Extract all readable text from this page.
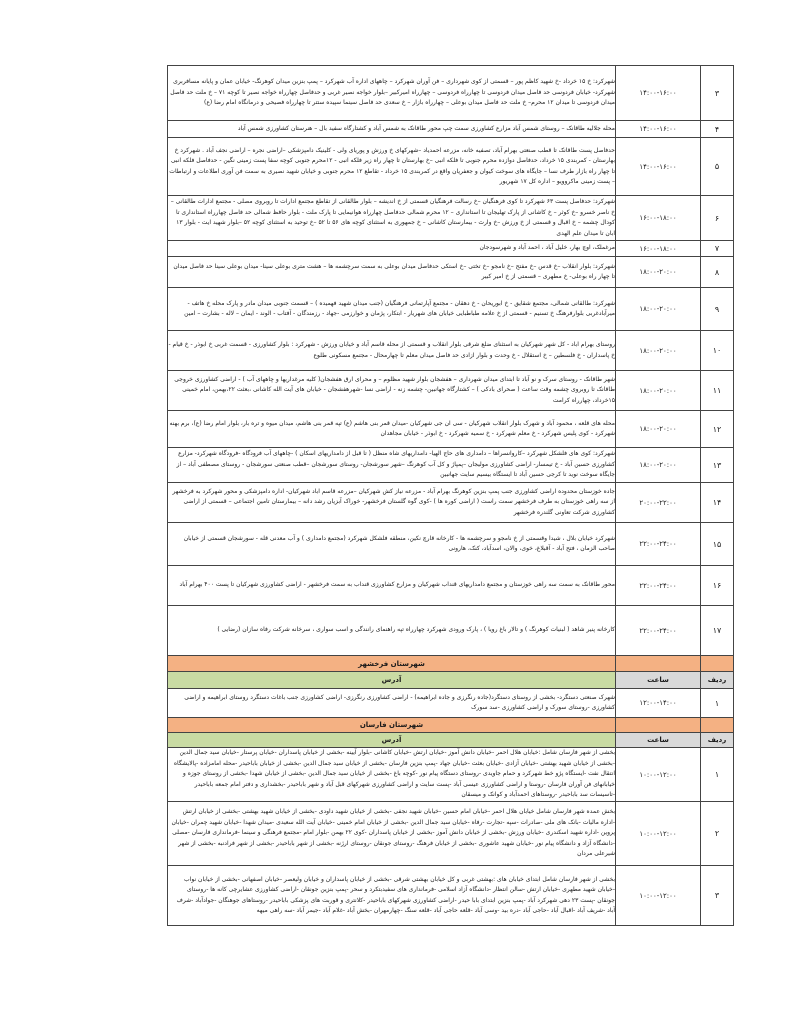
شهرکرد: خ ۱۵ خرداد -خ شهید کاظم پور – قسمتی از کوی شهرداری – فن آوران شهرکرد – چاههای اداره آب شهرکرد – پمپ بنزین میدان کوهرنگ- خیابان عمان و پایانه مسافربری شهرکرد- خیابان فردوسی حد فاصل میدان فردوسی تا چهارراه فردوسی – چهارراه امیرکبیر –بلوار خواجه نصیر غربی و حدفاصل چهارراه خواجه نصیر تا کوچه ۷۱ – خ ملت حد فاصل میدان فردوسی تا میدان ۱۲ محرم– خ ملت حد فاصل میدان بوعلی – چهارراه بازار – خ سعدی حد فاصل سینما سپیده ستتر تا چهارراه فصیحی و درمانگاه امام رضا (ع)	۱۴:۰۰-۱۶:۰۰	۳
محله جلالیه طاقانک – روستای شمس آباد مزارع کشاورزی سمت چپ محور طاقانک به شمس آباد و کشتارگاه سفید بال – هنرستان کشاورزی شمس آباد	۱۴:۰۰-۱۶:۰۰	۴
حدفاصل پست طاقانک تا قطب صنعتی بهرام آباد، تصفیه خانه، مزرعه احمدیاد –شهرکهای خ ورزش و پوریای ولی - کلینیک دامپزشکی –اراضی نجره – اراضی نجف آباد . شهرکرد خ بهارستان - کمربندی ۱۵ خرداد، حدفاصل دوازده محرم جنوبی تا فلکه انبی –خ بهارستان تا چهار راه زیر فلکه انبی - ۱۲محرم جنوبی کوچه سفا پست زمینی نگین - حدفاصل فلکه انبی تا چهار راه بازار طرف نسا – جایگاه های سوخت کیوان و جعفریان واقع در کمربندی ۱۵ خرداد - تقاطع ۱۲ محرم جنوبی و خیابان شهید نصیری به سمت فن آوری اطلاعات و ارتباطات – پست زمینی ماکروویو – اداره کل ۱۷ شهریور	۱۴:۰۰-۱۶:۰۰	۵
شهرکرد: حدفاصل پست ۶۳ شهرکرد تا کوی فرهنگیان –خ رسالت فرهنگیان قسمتی از خ اندیشه – بلوار طالقانی از تقاطع مجتمع ادارات تا روبروی مصلی - مجتمع ادارات طالقانی – خ ناصر خسرو –خ کوثر – خ کاشانی از پارک تهلیجان تا استانداری – ۱۲ محرم شمالی حدفاصل چهارراه هوانیمایی تا پارک ملت - بلوار حافظ شمالی حد فاصل چهارراه استانداری تا کودال چشمه – خ اقبال و قسمتی از خ ورزش –خ وارث - بیمارستان کاشانی – خ جمهوری به استثنای کوچه های ۵۶ تا ۵۲ –خ توحید به استثنای کوچه ۵۲ –بلوار شهید ایت - بلوار ۱۳ ابان تا میدان علم الهدی	۱۶:۰۰-۱۸:۰۰	۶
مرغملک، اوچ بهار، خلیل آباد ، احمد آباد و شهرسودجان	۱۶:۰۰-۱۸:۰۰	۷
شهرکرد: بلوار انقلاب –خ قدس –خ مفتح –خ نامجو –خ تختی –خ استکی حدفاصل میدان بوعلی به سمت سرچشمه ها – هشت متری بوعلی سینا- میدان بوعلی سینا حد فاصل میدان تا چهار راه بوعلی- خ مطهری – قسمتی از خ امیر کبیر	۱۸:۰۰-۲۰:۰۰	۸
شهرکرد: طالقانی شمالی، مجتمع شقایق - خ ابوریحان - خ دهقان - مجتمع آپارتمانی فرهنگیان (جنب میدان شهید فهمیده ) – قسمت جنوبی میدان مادر و پارک محله خ هاتف - میرآبادغربی بلوارفرهنگ خ تسنیم - قسمتی از خ علامه طباطبایی خیابان های شهریار - ابتکار، پژمان و خوارزمی -جهاد - رزمندگان - آفتاب - الوند - ایمان – لاله - بشارت – امین	۱۸:۰۰-۲۰:۰۰	۹
روستای بهرام اباد - کل شهر شهرکیان به استثنای ضلع شرقی بلوار انقلاب و قسمتی از محله قاسم آباد و خیابان ورزش - شهرکرد : بلوار کشاورزی - قسمت غربی خ ابوذر - خ قیام - خ پاسداران - خ فلسطین – خ استقلال - خ وحدت و بلوار ازادی حد فاصل میدان معلم تا چهارمحال - مجتمع مسکونی طلوع	۱۸:۰۰-۲۰:۰۰	۱۰
شهر طاقانک - روستای سرک و نو آباد تا ابتدای میدان شهرداری – هفشجان بلوار شهید مظلوم – و محرای ارق هفشجان( کلیه مرغداریها و چاههای آب ) - اراضی کشاورزی خروجی طاقانک تا روبروی چشمه وقت ساعت ( صحرای بادکی ) – کشتارگاه جهانبین- چشمه زنه - اراضی نسا -شهرهفشجان - خیابان های آیت الله کاشانی ،بعثت ۲۲،بهمن، امام خمینی ۱۵خرداد، چهارراه کرامت	۱۸:۰۰-۲۰:۰۰	۱۱
محله های قلعه ، محمود آباد و شهرک بلوار انقلاب شهرکیان - سی ان جی شهرکیان -میدان قمر بنی هاشم (ع) تپه قمر بنی هاشم، میدان میوه و تره بار، بلوار امام رضا (ع)، برم بهنه شهرکرد - کوی پلیس شهرکرد - خ معلم شهرکرد - خ سمیه شهرکرد - خ ابوذر - خیابان مجاهدان	۱۸:۰۰-۲۰:۰۰	۱۲
شهرکرد: کوی های فلشکل شهرکرد –کاروانسراها – دامداری های حاج الهیا- دامداریهای شاه منظل ( تا قبل از دامداریهای اسکان ) -چاههای آب فرودگاه -فرودگاه شهرکرد- مزارع کشاورزی حسین آباد - خ تیمسار- اراضی کشاورزی مولیجان –پمپاژ و کل آب کوهرنگ –شهر سورشجان- روستای سورشجان –قطب صنعتی سورشجان - روستای مصطفی آباد – از جایگاه سوخت نوید تا کرجی حسین آباد تا ایستگاه بیسیم سایت جهانبین	۱۸:۰۰-۲۰:۰۰	۱۳
جاده خوزستان محدوده اراضی کشاورزی جنب پمپ بنزین کوهرنگ بهرام آباد - مزرعه نیاز کش شهرکیان –مزرعه قاسم اباد شهرکیان- اداره دامپزشکی و محور شهرکرد به فرخشهر از سه راهی خوزستان به طرف فرخشهر سمت راست ( اراضی کوره ها ) -کوی گوه گلستان فرخشهر- خوراک آبزیان رشد دانه – بیمارستان تامین اجتماعی – قسمتی از اراضی کشاورزی شرکت تعاونی گلندره فرخشهر	۲۰:۰۰-۲۲:۰۰	۱۴
شهرکرد خیابان بلال ، شیدا وقسمتی از خ نامجو و سرچشمه ها - کارخانه قارچ نکین، منطقه فلشکل شهرکرد (مجتمع دامداری ) و آب معدنی قله - سورشجان قسمتی از خیابان صاحب الزمان ، فتح آباد - آقبلاغ، خوی، والان، اسدآباد، کنک، هارونی	۲۲:۰۰-۲۴:۰۰	۱۵
محور طاقانک به سمت سه راهی خوزستان و مجتمع دامداریهای قنداب شهرکیان و مزارع کشاورزی قنداب به سمت فرخشهر - اراضی کشاورزی شهرکیان تا پست ۴۰۰ بهرام آباد	۲۲:۰۰-۲۴:۰۰	۱۶
کارخانه پنیر شاهد ( لبنیات کوهرنگ ) و تالار باغ رویا ) ، پارک ورودی شهرکرد چهارراه تپه راهنمای رانندگی و اسب سواری ، سرخانه شرکت رفاه سازان (رضایی )	۲۲:۰۰-۲۴:۰۰	۱۷
شهرستان فرخشهر		
آدرس	ساعت	ردیف
شهرک صنعتی دستگرد- بخشی از روستای دستگرد(جاده رنگرزی و جاده ابراهیمه) - اراضی کشاورزی رنگرزی- اراضی کشاورزی جنب باغات دستگرد روستای ابراهیمه و اراضی کشاورزی -روستای سورک و اراضی کشاورزی -سد سورک	۱۲:۰۰-۱۴:۰۰	۱
شهرستان فارسان		
آدرس	ساعت	ردیف
بخشی از شهر فارسان شامل :خیابان هلال احمر -خیابان دانش آموز -خیابان ارتش -خیابان کاشانی -بلوار آیینه -بخشی از خیابان پاسداران -خیابان پرستار -خیابان سید جمال الدین -بخشی از خیابان شهید بهشتی -خیابان آزادی -خیابان بعثت -خیابان جهاد -پمپ بنزین فارسان -بخشی از خیابان سید جمال الدین -بخشی از خیابان باباحیدر -محله امامزاده -پالایشگاه انتقال نفت -ایستگاه پژو خط شهرکرد و حمام جاویدی -روستای دستگاه پیام نور -کوچه باغ -بخشی از خیابان سید جمال الدین -بخشی از خیابان شهدا -بخشی از روستای جوزه و خیابانهای فن آوران فارسان -روستا و اراضی کشاورزی عیسی آباد -پست سایت و اراضی کشاورزی شهرکهای قبل آباد و شهر باباحیدر -بخشداری و دفتر امام جمعه باباحیدر -تاسیسات سد باباحیدر -روستاهای احمدآباد و کوانک و میسقان	۱۰:۰۰-۱۲:۰۰	۱
بخش عمده شهر فارسان شامل خیابان هلال احمر -خیابان امام حسین -خیابان شهید نجفی -بخشی از خیابان شهید داودی -بخشی از خیابان شهید بهشتی -بخشی از خیابان ارتش -اداره مالیات -بانک های ملی -صادرات -سپه -تجارت -رفاه -خیابان سید جمال الدین -بخشی از خیابان امام خمینی -خیابان آیت الله سعیدی -میدان شهدا -خیابان شهید چمران -خیابان پروین -اداره شهید اسکندری -خیابان ورزش -بخشی از خیابان دانش آموز -بخشی از خیابان پاسداران -کوی ۲۲ بهمن -بلوار امام -مجتمع فرهنگی و سینما -فرمانداری فارسان -مصلی -دانشگاه آزاد و دانشگاه پیام نور -خیابان شهید عاشوری -بخشی از خیابان فرهنگ -روستای جونقان -روستای ارژنه -بخشی از شهر باباحیدر -بخشی از شهر فرادنبه -بخشی از شهر شیرعلی مردان	۱۰:۰۰-۱۲:۰۰	۲
بخشی از شهر فارسان شامل ابتدای خیابان های :بهشتی غربی و کل خیابان بهشتی شرقی -بخشی از خیابان پاسداران و خیابان ولیعصر -خیابان اصفهانی -بخشی از خیابان نواب -خیابان شهید مطهری -خیابان ارتش -سالن انتظار -دانشگاه آزاد اسلامی -فرمانداری های سفیدبتکرد و سحر -پمپ بنزین جونقان -اراضی کشاورزی عشایرچی کانه ها -روستای جونقان -پست ۲۳ دهی شهرکرد آباد -پمپ بنزین ابتدای بابا حیدر -اراضی کشاورزی شهرکهای باباحیدر -کلانتری و قوربت های پزشکی باباحیدر -روستاهای جوهنگان -جوادآباد -شرف آباد -شریف آباد -اقبال آباد -حاجی آباد -دره بید -وسی آباد -قلعه حاجی آباد -قلعه سنگ -چهارمهران -بخش آباد -غلام آباد -جیمر آباد -سه راهی میهه	۱۰:۰۰-۱۲:۰۰	۳
